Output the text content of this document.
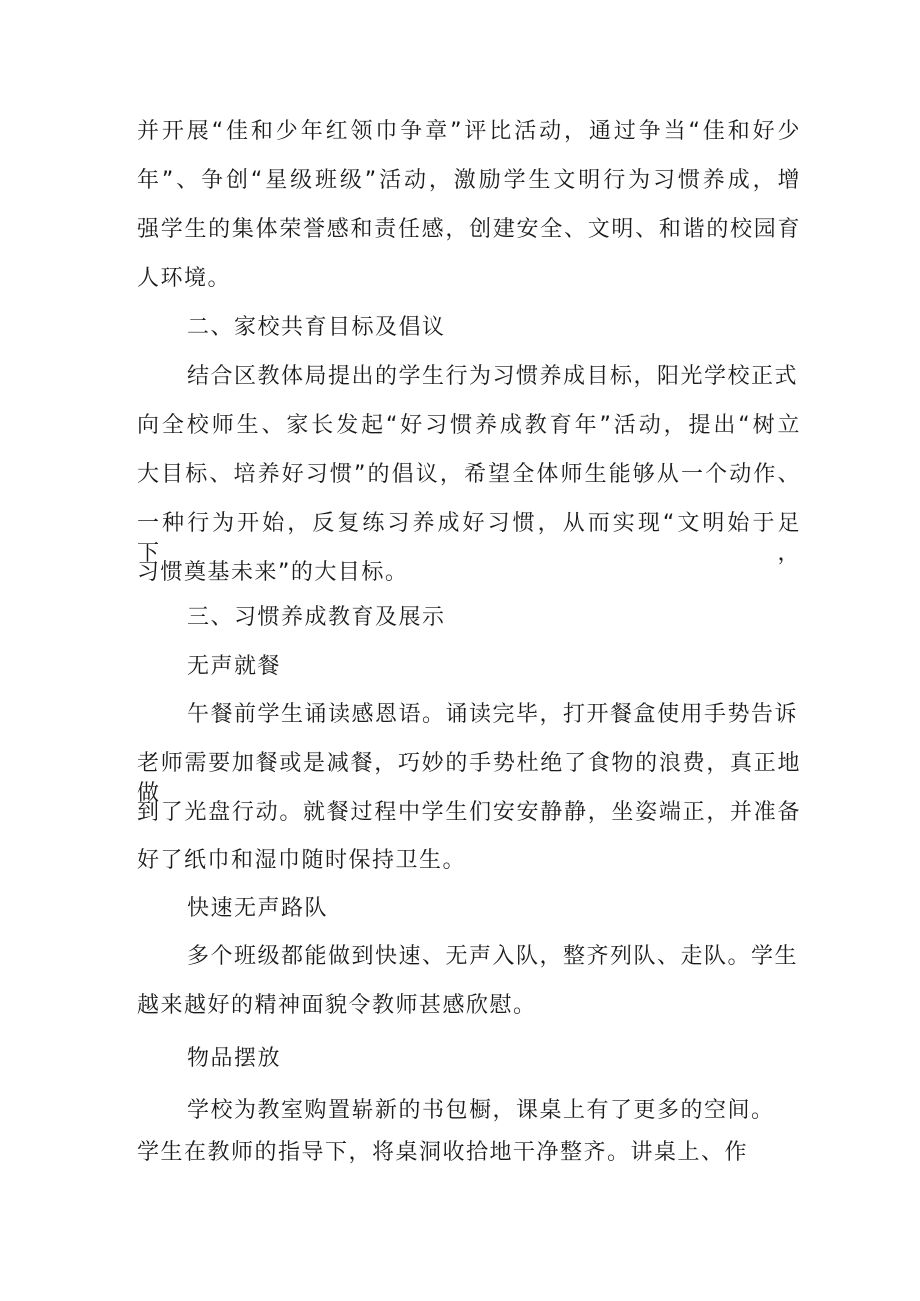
并开展“佳和少年红领巾争章”评比活动，通过争当“佳和好少
年”、争创“星级班级”活动，激励学生文明行为习惯养成，增
强学生的集体荣誉感和责任感，创建安全、文明、和谐的校园育
人环境。
二、家校共育目标及倡议
结合区教体局提出的学生行为习惯养成目标，阳光学校正式
向全校师生、家长发起“好习惯养成教育年”活动，提出“树立
大目标、培养好习惯”的倡议，希望全体师生能够从一个动作、
一种行为开始，反复练习养成好习惯，从而实现“文明始于足下，
习惯奠基未来”的大目标。
三、习惯养成教育及展示
无声就餐
午餐前学生诵读感恩语。诵读完毕，打开餐盒使用手势告诉
老师需要加餐或是减餐，巧妙的手势杜绝了食物的浪费，真正地做
到了光盘行动。就餐过程中学生们安安静静，坐姿端正，并准备
好了纸巾和湿巾随时保持卫生。
快速无声路队
多个班级都能做到快速、无声入队，整齐列队、走队。学生
越来越好的精神面貌令教师甚感欣慰。
物品摆放
学校为教室购置崭新的书包橱，课桌上有了更多的空间。
学生在教师的指导下，将桌洞收拾地干净整齐。讲桌上、作
